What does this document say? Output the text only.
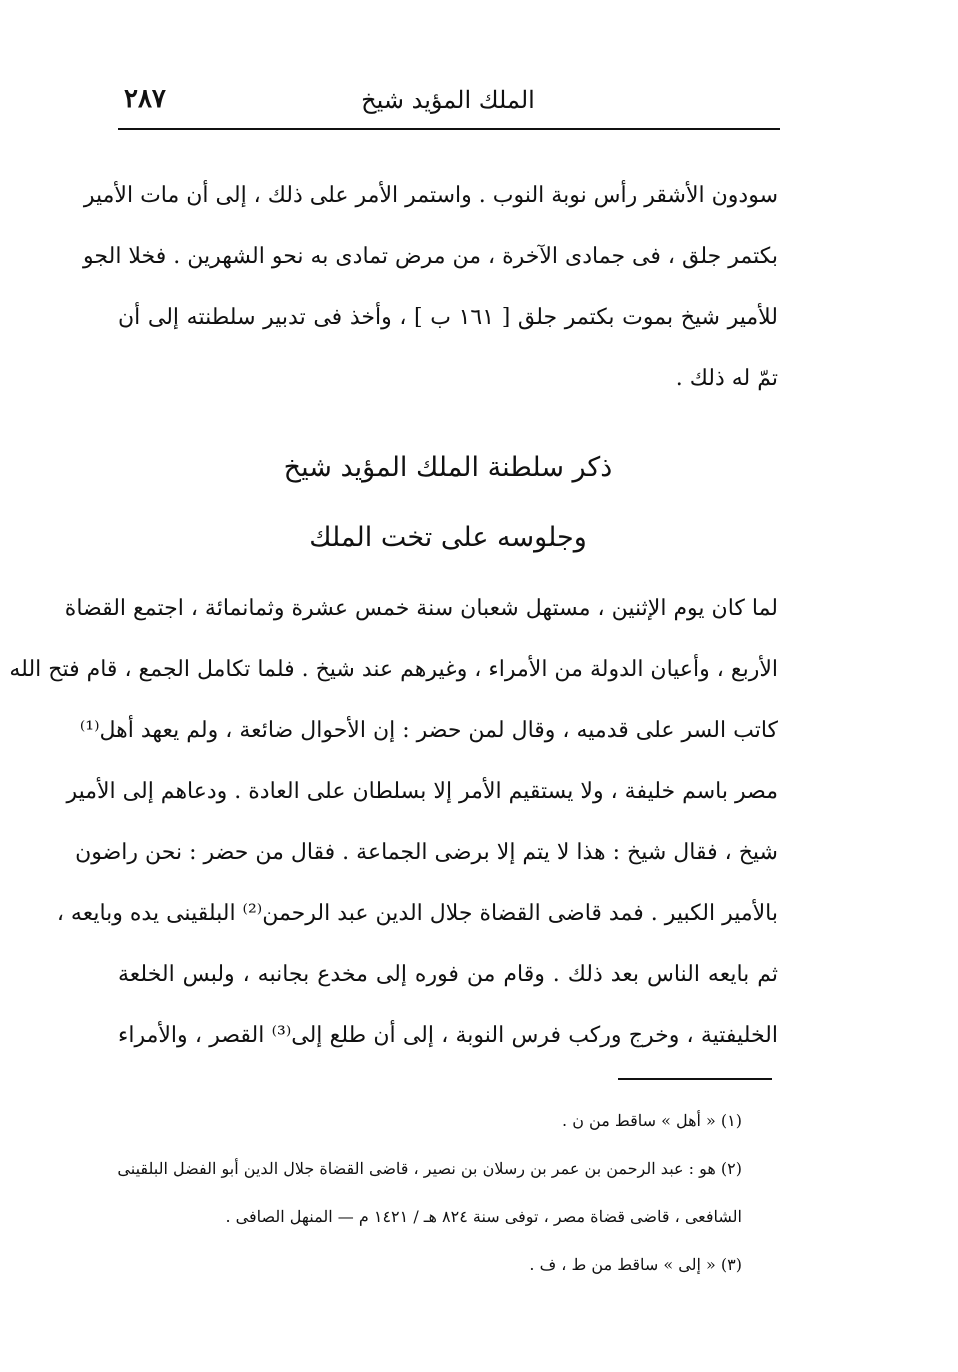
٢٨٧	الملك المؤيد شيخ
سودون الأشقر رأس نوبة النوب . واستمر الأمر على ذلك ، إلى أن مات الأمير
بكتمر جلق ، فى جمادى الآخرة ، من مرض تمادى به نحو الشهرين . فخلا الجو
للأمير شيخ بموت بكتمر جلق [ ١٦١ ب ] ، وأخذ فى تدبير سلطنته إلى أن
تمّ له ذلك .
ذكر سلطنة الملك المؤيد شيخ
وجلوسه على تخت الملك
لما كان يوم الإثنين ، مستهل شعبان سنة خمس عشرة وثمانمائة ، اجتمع القضاة
الأربع ، وأعيان الدولة من الأمراء ، وغيرهم عند شيخ . فلما تكامل الجمع ، قام فتح الله
كاتب السر على قدميه ، وقال لمن حضر : إن الأحوال ضائعة ، ولم يعهد أهل⁽¹⁾
مصر باسم خليفة ، ولا يستقيم الأمر إلا بسلطان على العادة . ودعاهم إلى الأمير
شيخ ، فقال شيخ : هذا لا يتم إلا برضى الجماعة . فقال من حضر : نحن راضون
بالأمير الكبير . فمد قاضى القضاة جلال الدين عبد الرحمن⁽²⁾ البلقينى يده وبايعه ،
ثم بايعه الناس بعد ذلك . وقام من فوره إلى مخدع بجانبه ، ولبس الخلعة
الخليفتية ، وخرج وركب فرس النوبة ، إلى أن طلع إلى⁽³⁾ القصر ، والأمراء
(١) « أهل » ساقط من ن .
(٢) هو : عبد الرحمن بن عمر بن رسلان بن نصير ، قاضى القضاة جلال الدين أبو الفضل البلقينى
الشافعى ، قاضى قضاة مصر ، توفى سنة ٨٢٤ هـ / ١٤٢١ م — المنهل الصافى .
(٣) « إلى » ساقط من ط ، ف .
